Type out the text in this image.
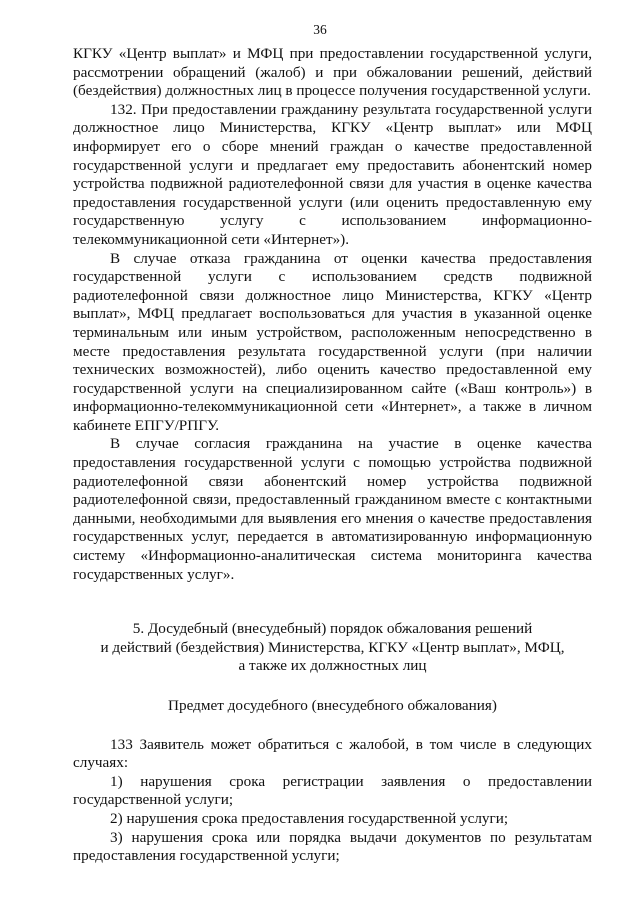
36

КГКУ «Центр выплат» и МФЦ при предоставлении государственной услуги, рассмотрении обращений (жалоб) и при обжаловании решений, действий (бездействия) должностных лиц в процессе получения государственной услуги.

132. При предоставлении гражданину результата государственной услуги должностное лицо Министерства, КГКУ «Центр выплат» или МФЦ информирует его о сборе мнений граждан о качестве предоставленной государственной услуги и предлагает ему предоставить абонентский номер устройства подвижной радиотелефонной связи для участия в оценке качества предоставления государственной услуги (или оценить предоставленную ему государственную услугу с использованием информационно-телекоммуникационной сети «Интернет»).

В случае отказа гражданина от оценки качества предоставления государственной услуги с использованием средств подвижной радиотелефонной связи должностное лицо Министерства, КГКУ «Центр выплат», МФЦ предлагает воспользоваться для участия в указанной оценке терминальным или иным устройством, расположенным непосредственно в месте предоставления результата государственной услуги (при наличии технических возможностей), либо оценить качество предоставленной ему государственной услуги на специализированном сайте («Ваш контроль») в информационно-телекоммуникационной сети «Интернет», а также в личном кабинете ЕПГУ/РПГУ.

В случае согласия гражданина на участие в оценке качества предоставления государственной услуги с помощью устройства подвижной радиотелефонной связи абонентский номер устройства подвижной радиотелефонной связи, предоставленный гражданином вместе с контактными данными, необходимыми для выявления его мнения о качестве предоставления государственных услуг, передается в автоматизированную информационную систему «Информационно-аналитическая система мониторинга качества государственных услуг».

5. Досудебный (внесудебный) порядок обжалования решений
и действий (бездействия) Министерства, КГКУ «Центр выплат», МФЦ,
а также их должностных лиц
Предмет досудебного (внесудебного обжалования)

133 Заявитель может обратиться с жалобой, в том числе в следующих случаях:

1) нарушения срока регистрации заявления о предоставлении государственной услуги;

2) нарушения срока предоставления государственной услуги;

3) нарушения срока или порядка выдачи документов по результатам предоставления государственной услуги;
